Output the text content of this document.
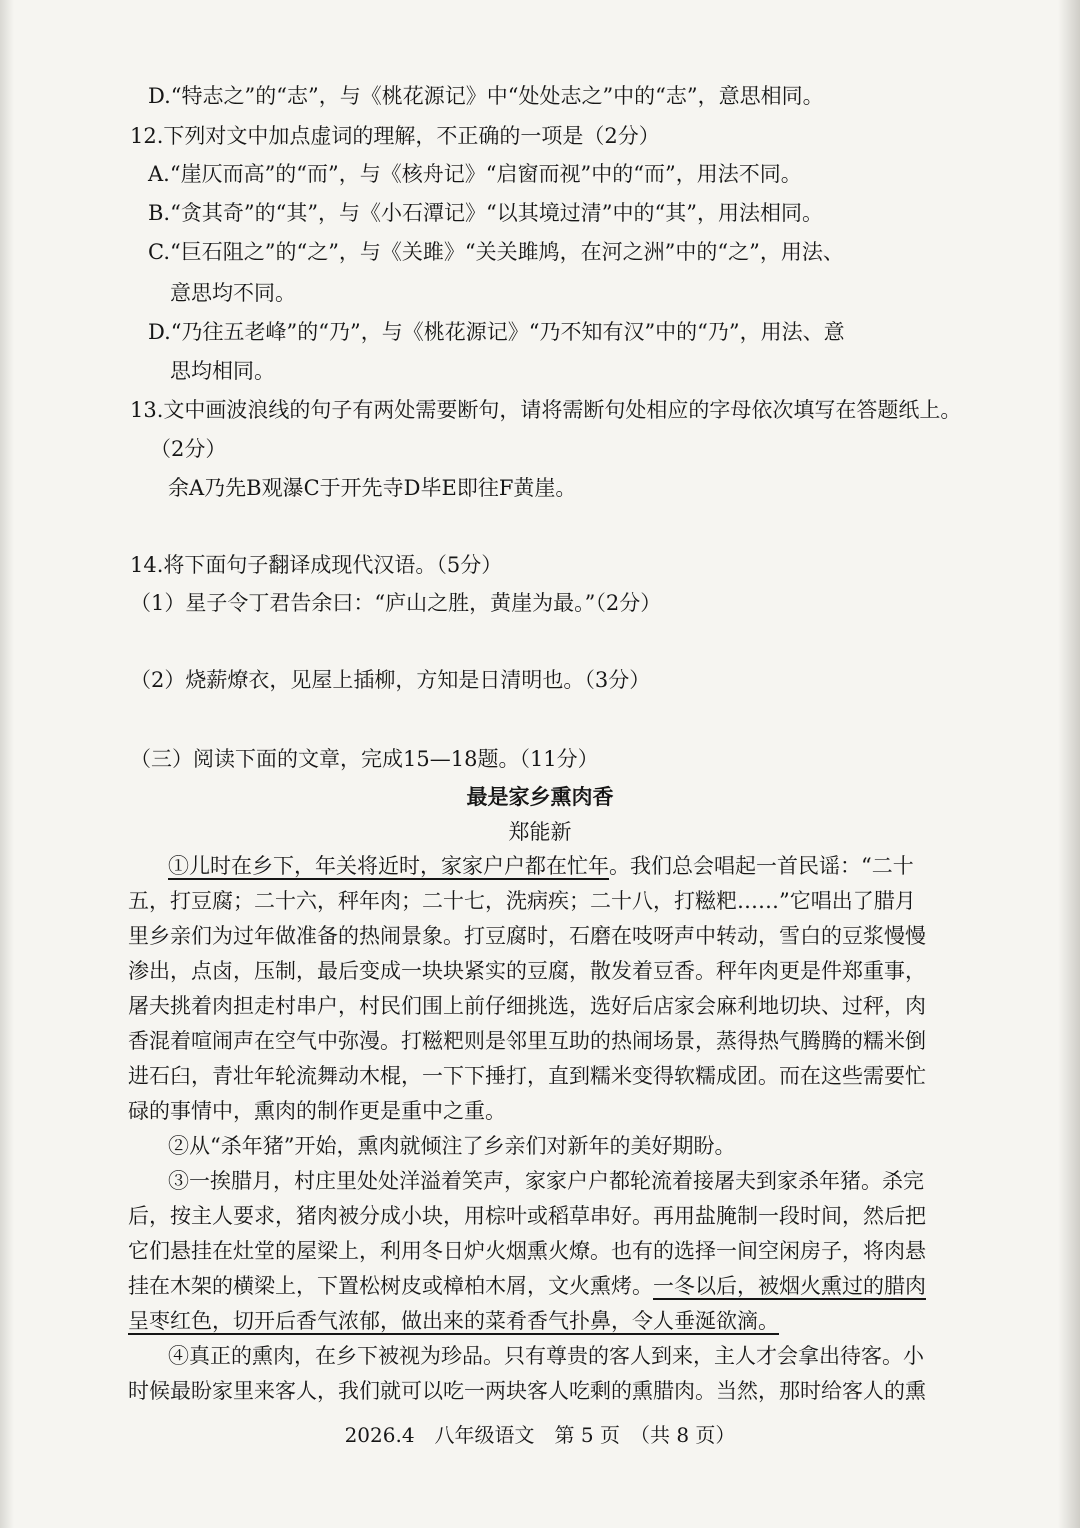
D.“特志之”的“志”，与《桃花源记》中“处处志之”中的“志”，意思相同。
12.下列对文中加点虚词的理解，不正确的一项是（2分）
A.“崖仄而高”的“而”，与《核舟记》“启窗而视”中的“而”，用法不同。
B.“贪其奇”的“其”，与《小石潭记》“以其境过清”中的“其”，用法相同。
C.“巨石阻之”的“之”，与《关雎》“关关雎鸠，在河之洲”中的“之”，用法、
意思均不同。
D.“乃往五老峰”的“乃”，与《桃花源记》“乃不知有汉”中的“乃”，用法、意
思均相同。
13.文中画波浪线的句子有两处需要断句，请将需断句处相应的字母依次填写在答题纸上。
（2分）
余A乃先B观瀑C于开先寺D毕E即往F黄崖。
14.将下面句子翻译成现代汉语。（5分）
（1）星子令丁君告余曰：“庐山之胜，黄崖为最。”（2分）
（2）烧薪燎衣，见屋上插柳，方知是日清明也。（3分）
（三）阅读下面的文章，完成15—18题。（11分）
最是家乡熏肉香
郑能新
①儿时在乡下，年关将近时，家家户户都在忙年。我们总会唱起一首民谣：“二十
五，打豆腐；二十六，秤年肉；二十七，洗病疾；二十八，打糍粑……”它唱出了腊月
里乡亲们为过年做准备的热闹景象。打豆腐时，石磨在吱呀声中转动，雪白的豆浆慢慢
渗出，点卤，压制，最后变成一块块紧实的豆腐，散发着豆香。秤年肉更是件郑重事，
屠夫挑着肉担走村串户，村民们围上前仔细挑选，选好后店家会麻利地切块、过秤，肉
香混着喧闹声在空气中弥漫。打糍粑则是邻里互助的热闹场景，蒸得热气腾腾的糯米倒
进石臼，青壮年轮流舞动木棍，一下下捶打，直到糯米变得软糯成团。而在这些需要忙
碌的事情中，熏肉的制作更是重中之重。
②从“杀年猪”开始，熏肉就倾注了乡亲们对新年的美好期盼。
③一挨腊月，村庄里处处洋溢着笑声，家家户户都轮流着接屠夫到家杀年猪。杀完
后，按主人要求，猪肉被分成小块，用棕叶或稻草串好。再用盐腌制一段时间，然后把
它们悬挂在灶堂的屋梁上，利用冬日炉火烟熏火燎。也有的选择一间空闲房子，将肉悬
挂在木架的横梁上，下置松树皮或樟柏木屑，文火熏烤。一冬以后，被烟火熏过的腊肉
呈枣红色，切开后香气浓郁，做出来的菜肴香气扑鼻，令人垂涎欲滴。
④真正的熏肉，在乡下被视为珍品。只有尊贵的客人到来，主人才会拿出待客。小
时候最盼家里来客人，我们就可以吃一两块客人吃剩的熏腊肉。当然，那时给客人的熏
2026.4　八年级语文　第 5 页　（共 8 页）
